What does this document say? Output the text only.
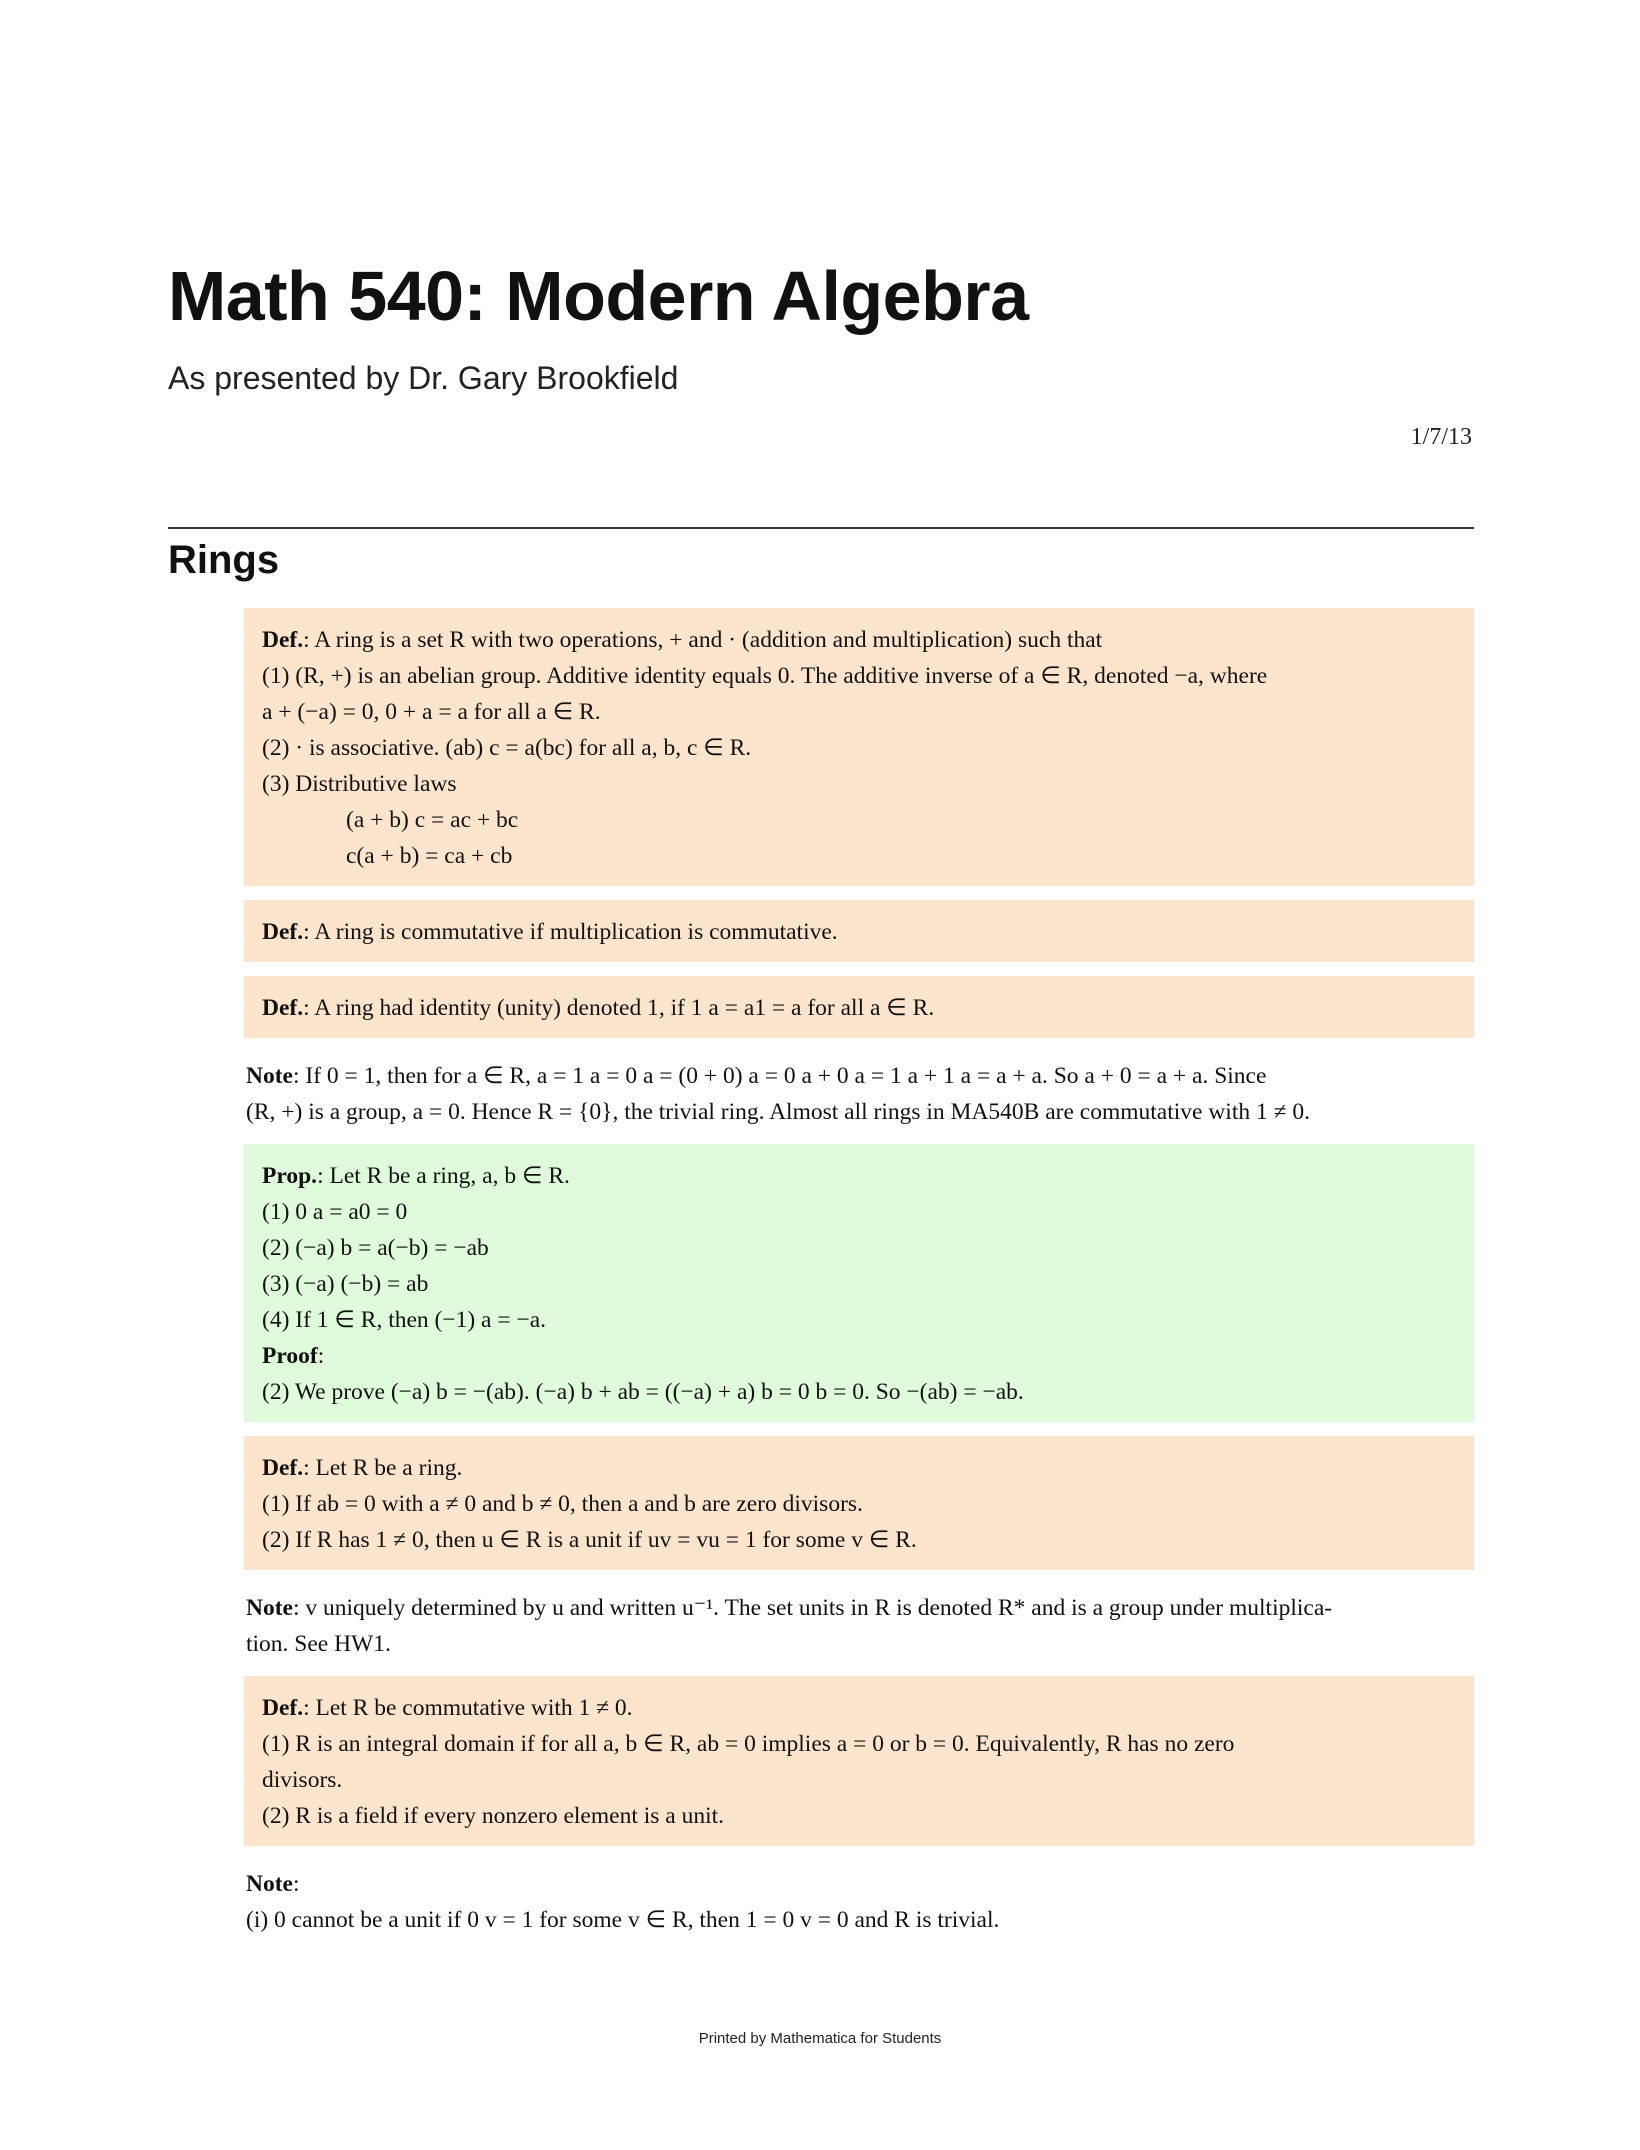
Math 540: Modern Algebra

As presented by Dr. Gary Brookfield

1/7/13

Rings
Def.: A ring is a set R with two operations, + and · (addition and multiplication) such that
(1) (R, +) is an abelian group. Additive identity equals 0. The additive inverse of a ∈ R, denoted −a, where
a + (−a) = 0, 0 + a = a for all a ∈ R.
(2) · is associative. (ab) c = a(bc) for all a, b, c ∈ R.
(3) Distributive laws
(a + b) c = ac + bc
c(a + b) = ca + cb
Def.: A ring is commutative if multiplication is commutative.
Def.: A ring had identity (unity) denoted 1, if 1 a = a1 = a for all a ∈ R.
Note: If 0 = 1, then for a ∈ R, a = 1 a = 0 a = (0 + 0) a = 0 a + 0 a = 1 a + 1 a = a + a. So a + 0 = a + a. Since
(R, +) is a group, a = 0. Hence R = {0}, the trivial ring. Almost all rings in MA540B are commutative with 1 ≠ 0.
Prop.: Let R be a ring, a, b ∈ R.
(1) 0 a = a0 = 0
(2) (−a) b = a(−b) = −ab
(3) (−a) (−b) = ab
(4) If 1 ∈ R, then (−1) a = −a.
Proof:
(2) We prove (−a) b = −(ab). (−a) b + ab = ((−a) + a) b = 0 b = 0. So −(ab) = −ab.
Def.: Let R be a ring.
(1) If ab = 0 with a ≠ 0 and b ≠ 0, then a and b are zero divisors.
(2) If R has 1 ≠ 0, then u ∈ R is a unit if uv = vu = 1 for some v ∈ R.
Note: v uniquely determined by u and written u⁻¹. The set units in R is denoted R* and is a group under multiplica-
tion. See HW1.
Def.: Let R be commutative with 1 ≠ 0.
(1) R is an integral domain if for all a, b ∈ R, ab = 0 implies a = 0 or b = 0. Equivalently, R has no zero
divisors.
(2) R is a field if every nonzero element is a unit.
Note:
(i) 0 cannot be a unit if 0 v = 1 for some v ∈ R, then 1 = 0 v = 0 and R is trivial.

Printed by Mathematica for Students
